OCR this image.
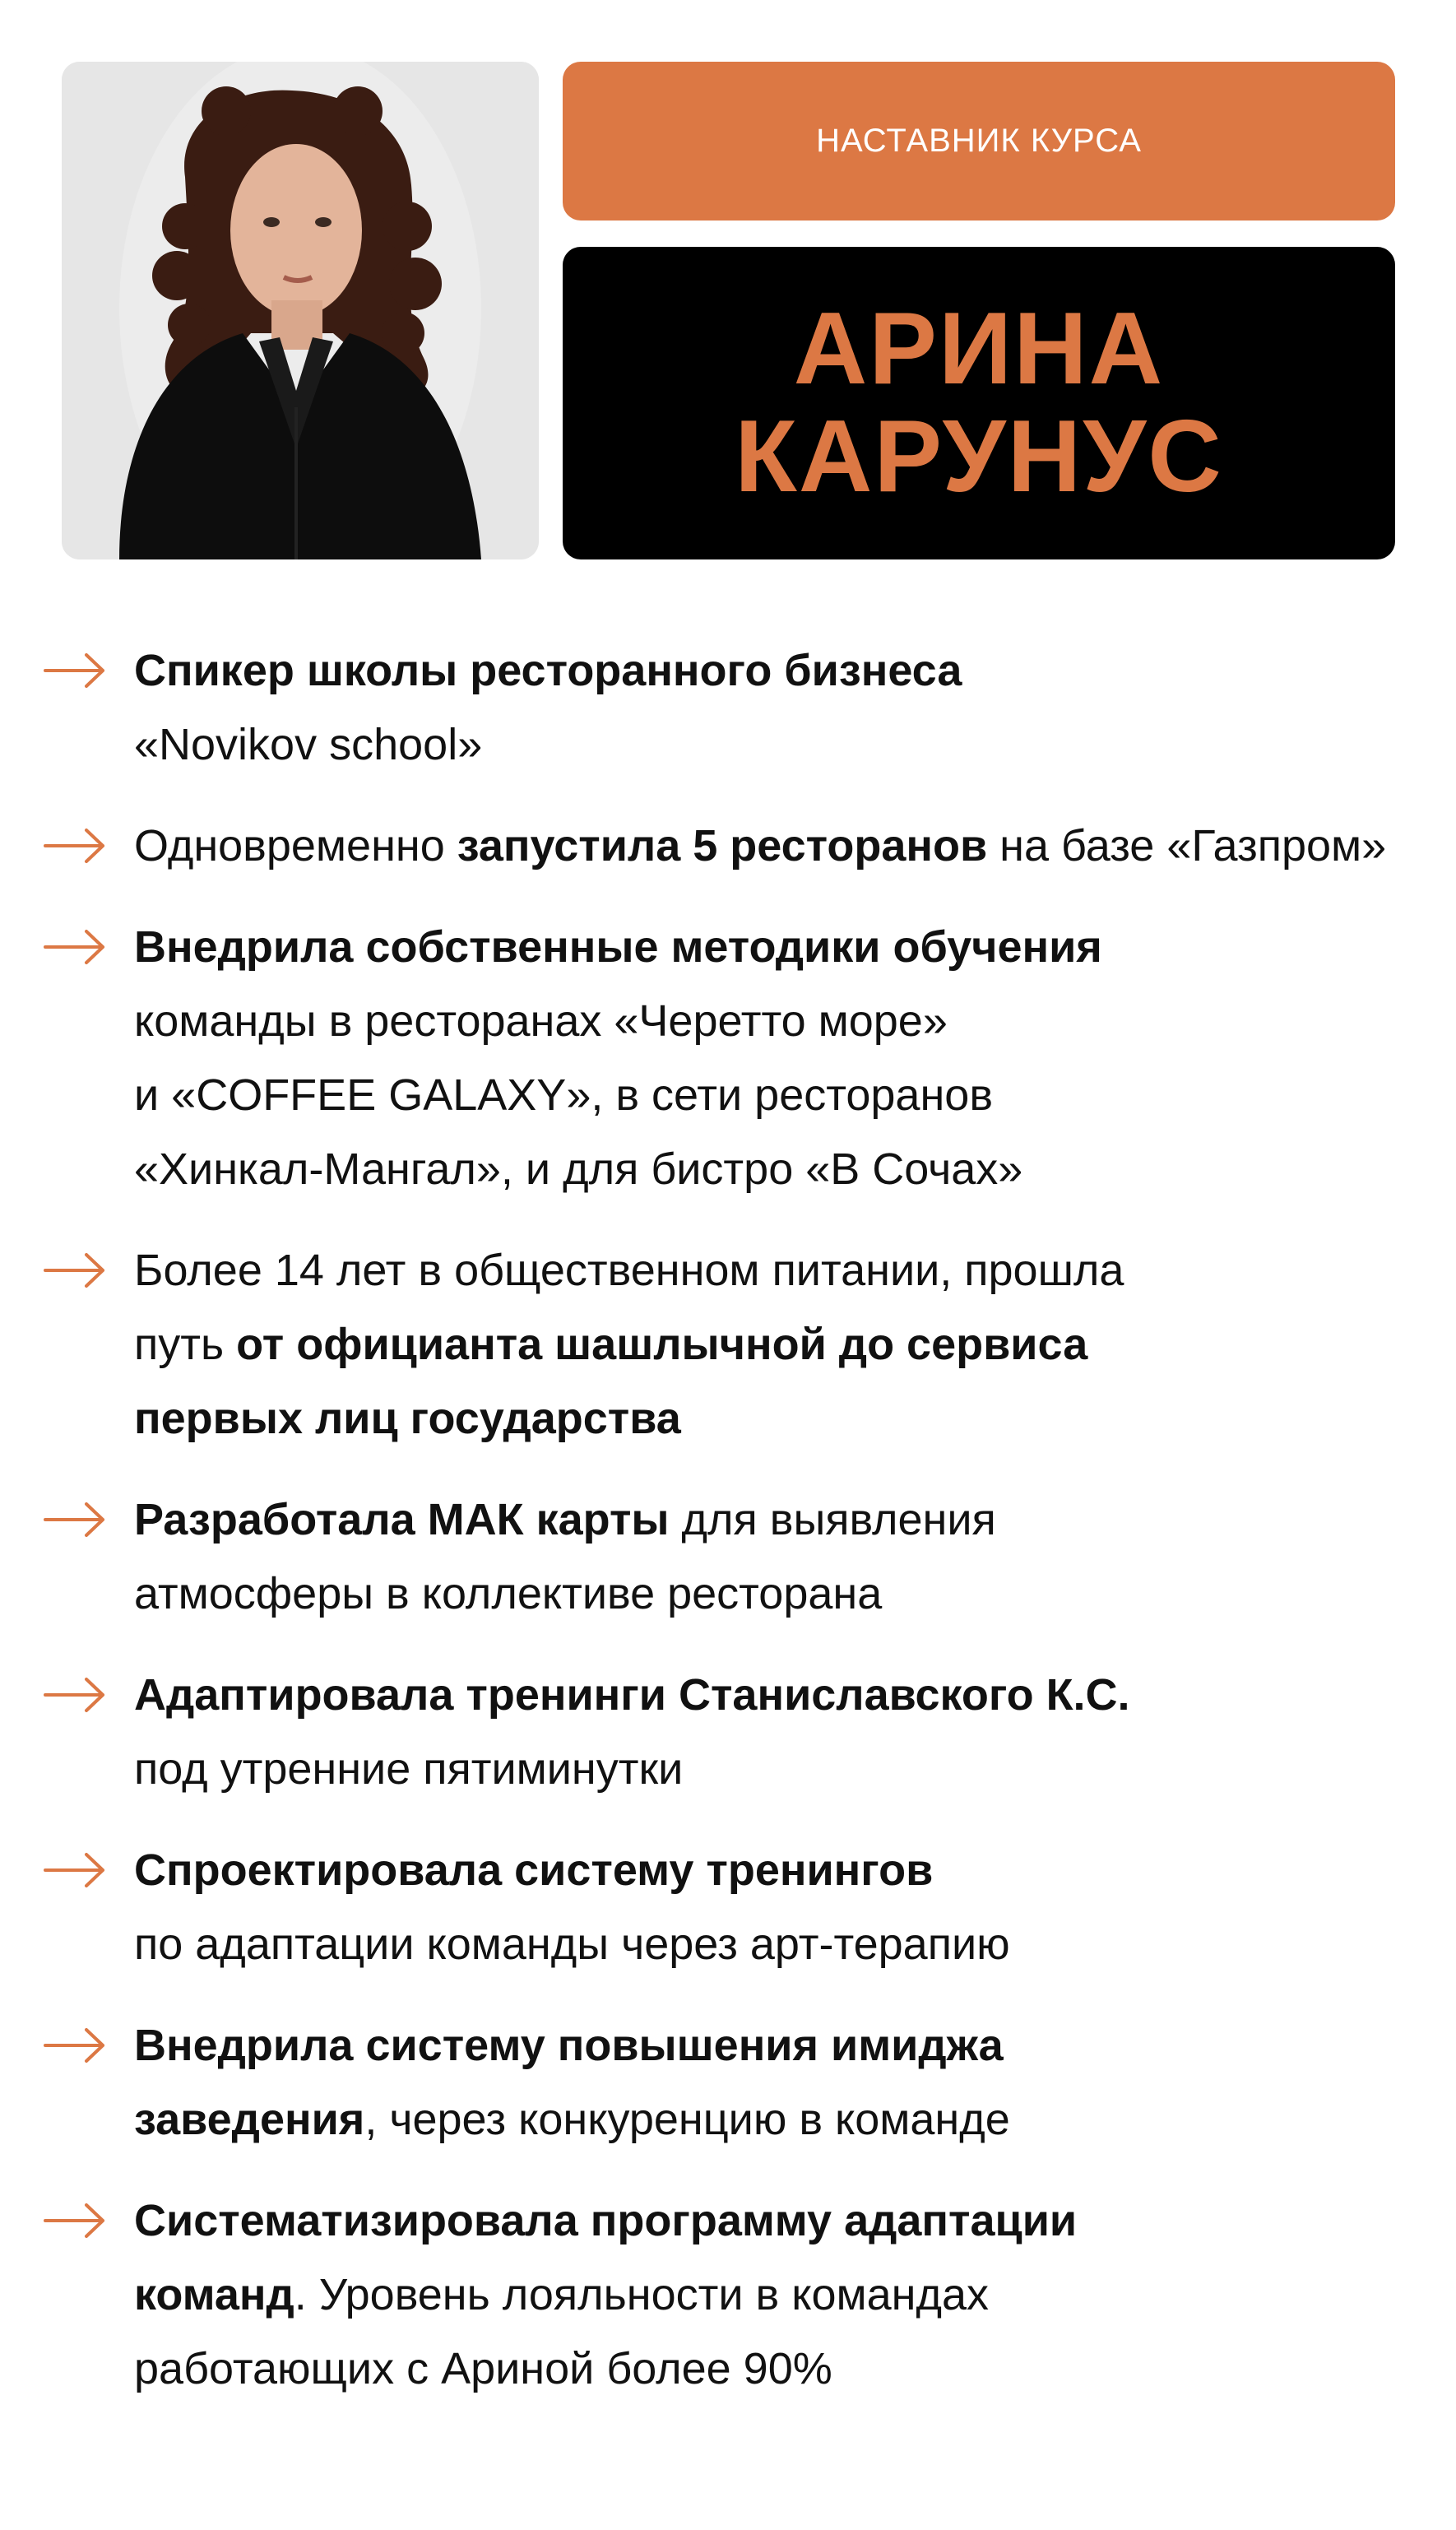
НАСТАВНИК КУРСА
АРИНА
КАРУНУС
Спикер школы ресторанного бизнеса
«Novikov school»
Одновременно запустила 5 ресторанов на базе «Газпром»
Внедрила собственные методики обучения
команды в ресторанах «Черетто море»
и «COFFEE GALAXY», в сети ресторанов
«Хинкал-Мангал», и для бистро «В Сочах»
Более 14 лет в общественном питании, прошла
путь от официанта шашлычной до сервиса
первых лиц государства
Разработала МАК карты для выявления
атмосферы в коллективе ресторана
Адаптировала тренинги Станиславского К.С.
под утренние пятиминутки
Спроектировала систему тренингов
по адаптации команды через арт-терапию
Внедрила систему повышения имиджа
заведения, через конкуренцию в команде
Систематизировала программу адаптации
команд. Уровень лояльности в командах
работающих с Ариной более 90%
